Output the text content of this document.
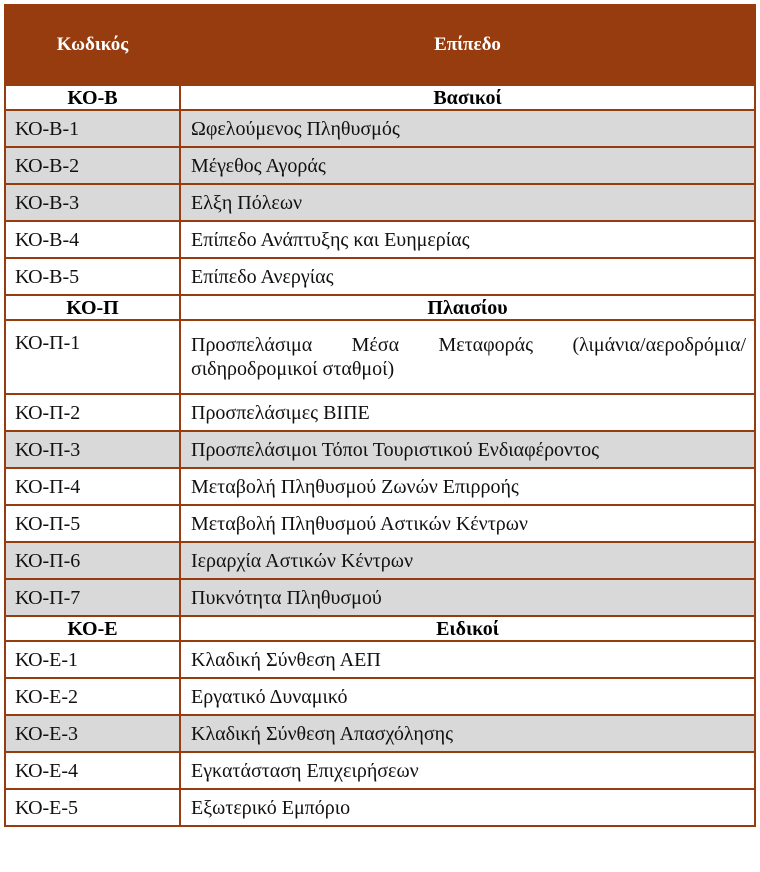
Κωδικός	Επίπεδο
ΚΟ-Β	Βασικοί
ΚΟ-Β-1	Ωφελούμενος Πληθυσμός
ΚΟ-Β-2	Μέγεθος Αγοράς
ΚΟ-Β-3	Ελξη Πόλεων
ΚΟ-Β-4	Επίπεδο Ανάπτυξης και Ευημερίας
ΚΟ-Β-5	Επίπεδο Ανεργίας
ΚΟ-Π	Πλαισίου
ΚΟ-Π-1	Προσπελάσιμα Μέσα Μεταφοράς (λιμάνια/αεροδρόμια/ σιδηροδρομικοί σταθμοί)
ΚΟ-Π-2	Προσπελάσιμες ΒΙΠΕ
ΚΟ-Π-3	Προσπελάσιμοι Τόποι Τουριστικού Ενδιαφέροντος
ΚΟ-Π-4	Μεταβολή Πληθυσμού Ζωνών Επιρροής
ΚΟ-Π-5	Μεταβολή Πληθυσμού Αστικών Κέντρων
ΚΟ-Π-6	Ιεραρχία Αστικών Κέντρων
ΚΟ-Π-7	Πυκνότητα Πληθυσμού
ΚΟ-Ε	Ειδικοί
ΚΟ-Ε-1	Κλαδική Σύνθεση ΑΕΠ
ΚΟ-Ε-2	Εργατικό Δυναμικό
ΚΟ-Ε-3	Κλαδική Σύνθεση Απασχόλησης
ΚΟ-Ε-4	Εγκατάσταση Επιχειρήσεων
ΚΟ-Ε-5	Εξωτερικό Εμπόριο
